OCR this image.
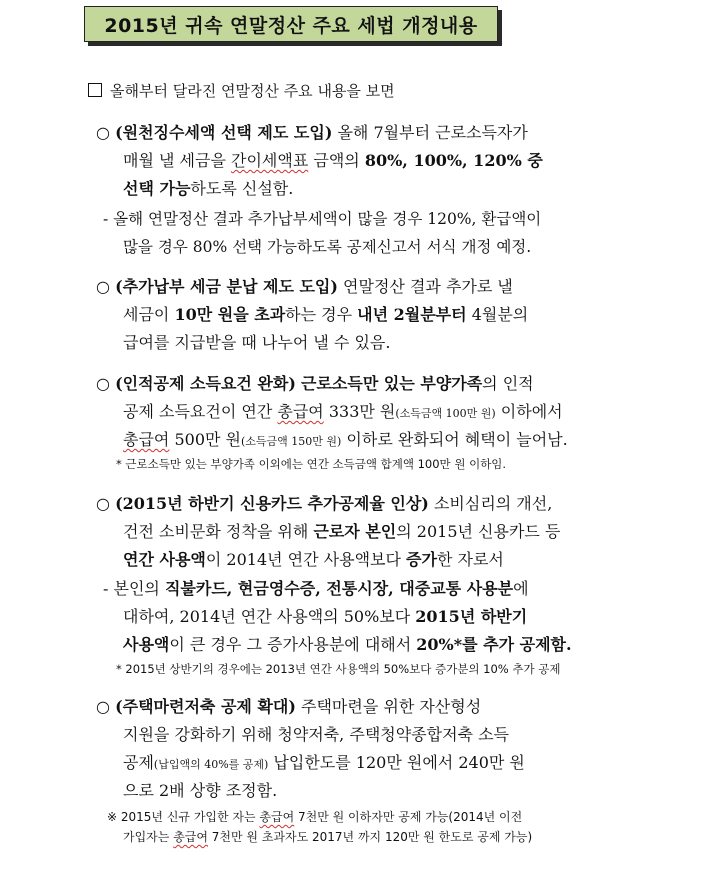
2015년 귀속 연말정산 주요 세법 개정내용
올해부터 달라진 연말정산 주요 내용을 보면
○ (원천징수세액 선택 제도 도입) 올해 7월부터 근로소득자가
매월 낼 세금을 간이세액표 금액의 80%, 100%, 120% 중
선택 가능하도록 신설함.
- 올해 연말정산 결과 추가납부세액이 많을 경우 120%, 환급액이
많을 경우 80% 선택 가능하도록 공제신고서 서식 개정 예정.
○ (추가납부 세금 분납 제도 도입) 연말정산 결과 추가로 낼
세금이 10만 원을 초과하는 경우 내년 2월분부터 4월분의
급여를 지급받을 때 나누어 낼 수 있음.
○ (인적공제 소득요건 완화) 근로소득만 있는 부양가족의 인적
공제 소득요건이 연간 총급여 333만 원(소득금액 100만 원) 이하에서
총급여 500만 원(소득금액 150만 원) 이하로 완화되어 혜택이 늘어남.
* 근로소득만 있는 부양가족 이외에는 연간 소득금액 합계액 100만 원 이하임.
○ (2015년 하반기 신용카드 추가공제율 인상) 소비심리의 개선,
건전 소비문화 정착을 위해 근로자 본인의 2015년 신용카드 등
연간 사용액이 2014년 연간 사용액보다 증가한 자로서
- 본인의 직불카드, 현금영수증, 전통시장, 대중교통 사용분에
대하여, 2014년 연간 사용액의 50%보다 2015년 하반기
사용액이 큰 경우 그 증가사용분에 대해서 20%*를 추가 공제함.
* 2015년 상반기의 경우에는 2013년 연간 사용액의 50%보다 증가분의 10% 추가 공제
○ (주택마련저축 공제 확대) 주택마련을 위한 자산형성
지원을 강화하기 위해 청약저축, 주택청약종합저축 소득
공제(납입액의 40%를 공제) 납입한도를 120만 원에서 240만 원
으로 2배 상향 조정함.
※ 2015년 신규 가입한 자는 총급여 7천만 원 이하자만 공제 가능(2014년 이전
가입자는 총급여 7천만 원 초과자도 2017년 까지 120만 원 한도로 공제 가능)
